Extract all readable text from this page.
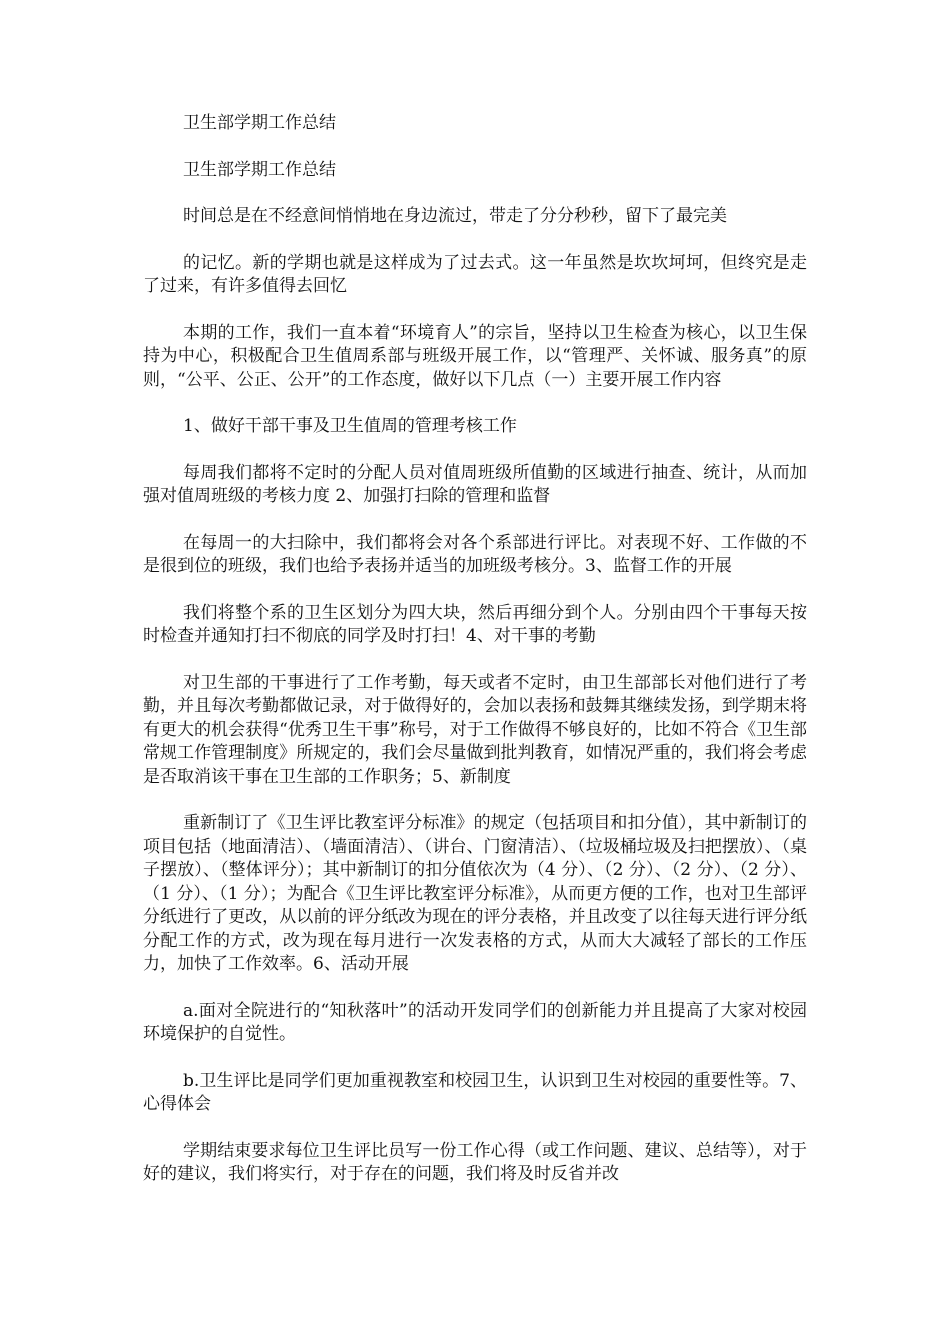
卫生部学期工作总结

卫生部学期工作总结

时间总是在不经意间悄悄地在身边流过，带走了分分秒秒，留下了最完美

的记忆。新的学期也就是这样成为了过去式。这一年虽然是坎坎坷坷，但终究是走了过来，有许多值得去回忆

本期的工作，我们一直本着“环境育人”的宗旨，坚持以卫生检查为核心，以卫生保持为中心，积极配合卫生值周系部与班级开展工作，以“管理严、关怀诚、服务真”的原则，“公平、公正、公开”的工作态度，做好以下几点（一）主要开展工作内容

1、做好干部干事及卫生值周的管理考核工作

每周我们都将不定时的分配人员对值周班级所值勤的区域进行抽查、统计，从而加强对值周班级的考核力度 2、加强打扫除的管理和监督

在每周一的大扫除中，我们都将会对各个系部进行评比。对表现不好、工作做的不是很到位的班级，我们也给予表扬并适当的加班级考核分。3、监督工作的开展

我们将整个系的卫生区划分为四大块，然后再细分到个人。分别由四个干事每天按时检查并通知打扫不彻底的同学及时打扫！4、对干事的考勤

对卫生部的干事进行了工作考勤，每天或者不定时，由卫生部部长对他们进行了考勤，并且每次考勤都做记录，对于做得好的，会加以表扬和鼓舞其继续发扬，到学期末将有更大的机会获得“优秀卫生干事”称号，对于工作做得不够良好的，比如不符合《卫生部常规工作管理制度》所规定的，我们会尽量做到批判教育，如情况严重的，我们将会考虑是否取消该干事在卫生部的工作职务；5、新制度

重新制订了《卫生评比教室评分标准》的规定（包括项目和扣分值），其中新制订的项目包括（地面清洁）、（墙面清洁）、（讲台、门窗清洁）、（垃圾桶垃圾及扫把摆放）、（桌子摆放）、（整体评分）；其中新制订的扣分值依次为（4 分）、（2 分）、（2 分）、（2 分）、（1 分）、（1 分）；为配合《卫生评比教室评分标准》，从而更方便的工作，也对卫生部评分纸进行了更改，从以前的评分纸改为现在的评分表格，并且改变了以往每天进行评分纸分配工作的方式，改为现在每月进行一次发表格的方式，从而大大减轻了部长的工作压力，加快了工作效率。6、活动开展

a.面对全院进行的“知秋落叶”的活动开发同学们的创新能力并且提高了大家对校园环境保护的自觉性。

b.卫生评比是同学们更加重视教室和校园卫生，认识到卫生对校园的重要性等。7、心得体会

学期结束要求每位卫生评比员写一份工作心得（或工作问题、建议、总结等），对于好的建议，我们将实行，对于存在的问题，我们将及时反省并改
